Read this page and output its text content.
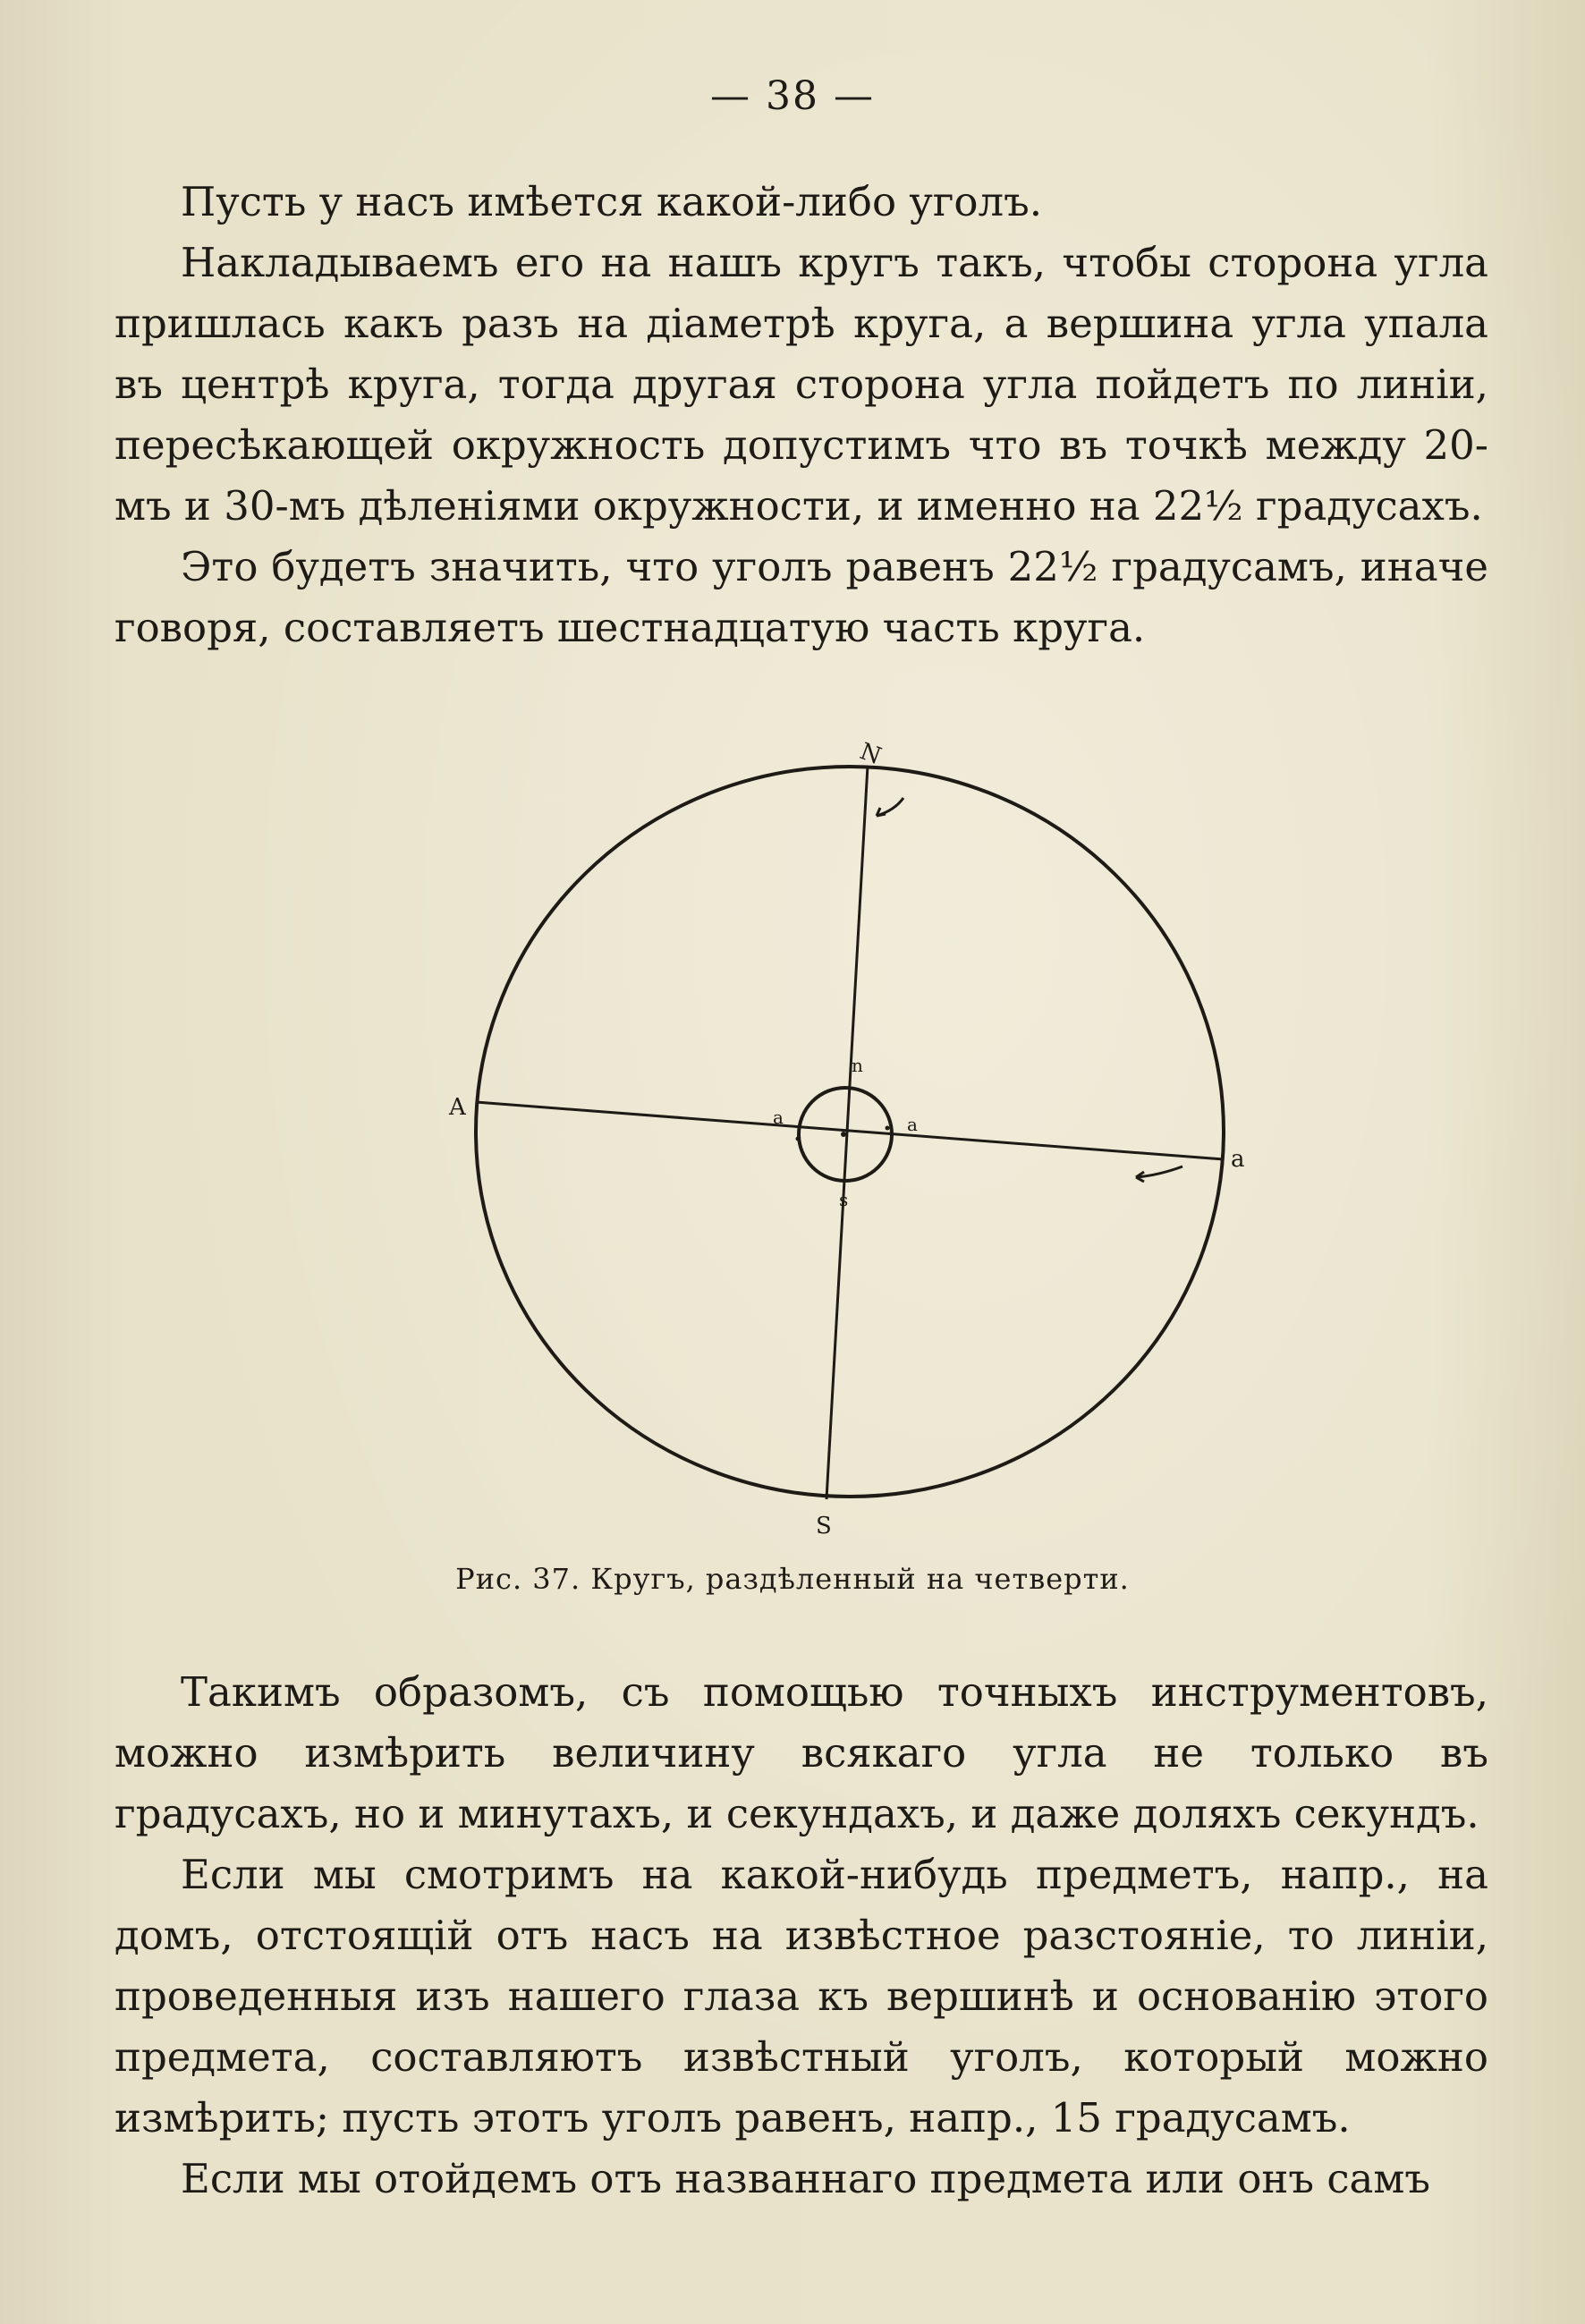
— 38 —

Пусть у насъ имѣется какой-либо уголъ.

Накладываемъ его на нашъ кругъ такъ, чтобы сторона угла пришлась какъ разъ на діаметрѣ круга, а вершина угла упала въ центрѣ круга, тогда другая сторона угла пойдетъ по линіи, пересѣкающей окружность допустимъ что въ точкѣ между 20-мъ и 30-мъ дѣленіями окружности, и именно на 22½ градусахъ.

Это будетъ значить, что уголъ равенъ 22½ градусамъ, иначе говоря, составляетъ шестнадцатую часть круга.

N
S
A
a
n
s
a	a
Рис. 37. Кругъ, раздѣленный на четверти.

Такимъ образомъ, съ помощью точныхъ инструментовъ, можно измѣрить величину всякаго угла не только въ градусахъ, но и минутахъ, и секундахъ, и даже доляхъ секундъ.

Если мы смотримъ на какой-нибудь предметъ, напр., на домъ, отстоящій отъ насъ на извѣстное разстояніе, то линіи, проведенныя изъ нашего глаза къ вершинѣ и основанію этого предмета, составляютъ извѣстный уголъ, который можно измѣрить; пусть этотъ уголъ равенъ, напр., 15 градусамъ.

Если мы отойдемъ отъ названнаго предмета или онъ самъ
